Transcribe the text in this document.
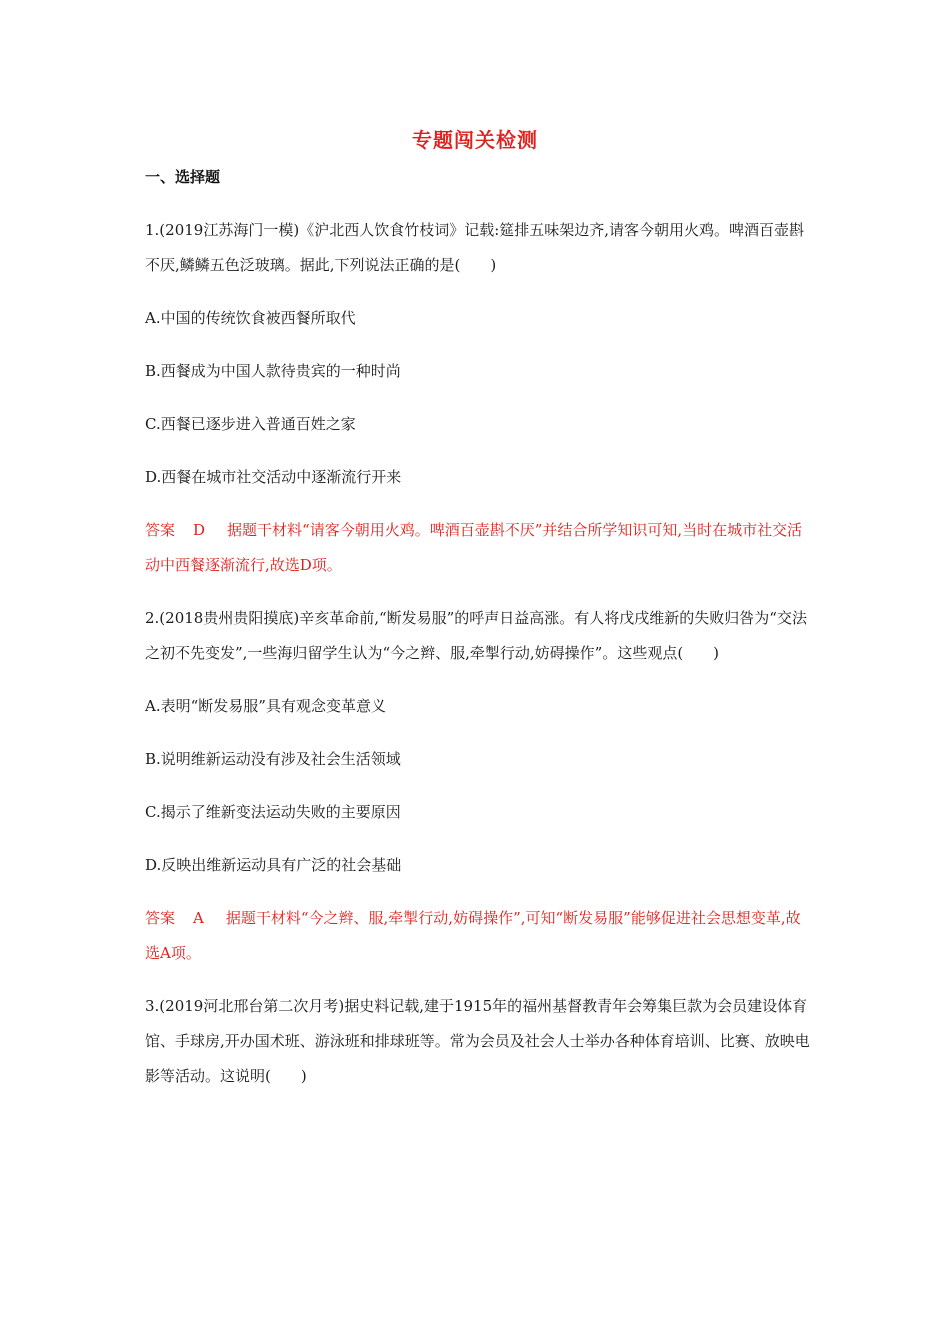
专题闯关检测
一、选择题

1.(2019江苏海门一模)《沪北西人饮食竹枝词》记载:筵排五味架边齐,请客今朝用火鸡。啤酒百壶斟不厌,鳞鳞五色泛玻璃。据此,下列说法正确的是(　　)

A.中国的传统饮食被西餐所取代

B.西餐成为中国人款待贵宾的一种时尚

C.西餐已逐步进入普通百姓之家

D.西餐在城市社交活动中逐渐流行开来

答案 D 据题干材料“请客今朝用火鸡。啤酒百壶斟不厌”并结合所学知识可知,当时在城市社交活动中西餐逐渐流行,故选D项。

2.(2018贵州贵阳摸底)辛亥革命前,“断发易服”的呼声日益高涨。有人将戊戌维新的失败归咎为“交法之初不先变发”,一些海归留学生认为“今之辫、服,牵掣行动,妨碍操作”。这些观点(　　)

A.表明“断发易服”具有观念变革意义

B.说明维新运动没有涉及社会生活领域

C.揭示了维新变法运动失败的主要原因

D.反映出维新运动具有广泛的社会基础

答案 A 据题干材料“今之辫、服,牵掣行动,妨碍操作”,可知“断发易服”能够促进社会思想变革,故选A项。

3.(2019河北邢台第二次月考)据史料记载,建于1915年的福州基督教青年会筹集巨款为会员建设体育馆、手球房,开办国术班、游泳班和排球班等。常为会员及社会人士举办各种体育培训、比赛、放映电影等活动。这说明(　　)
